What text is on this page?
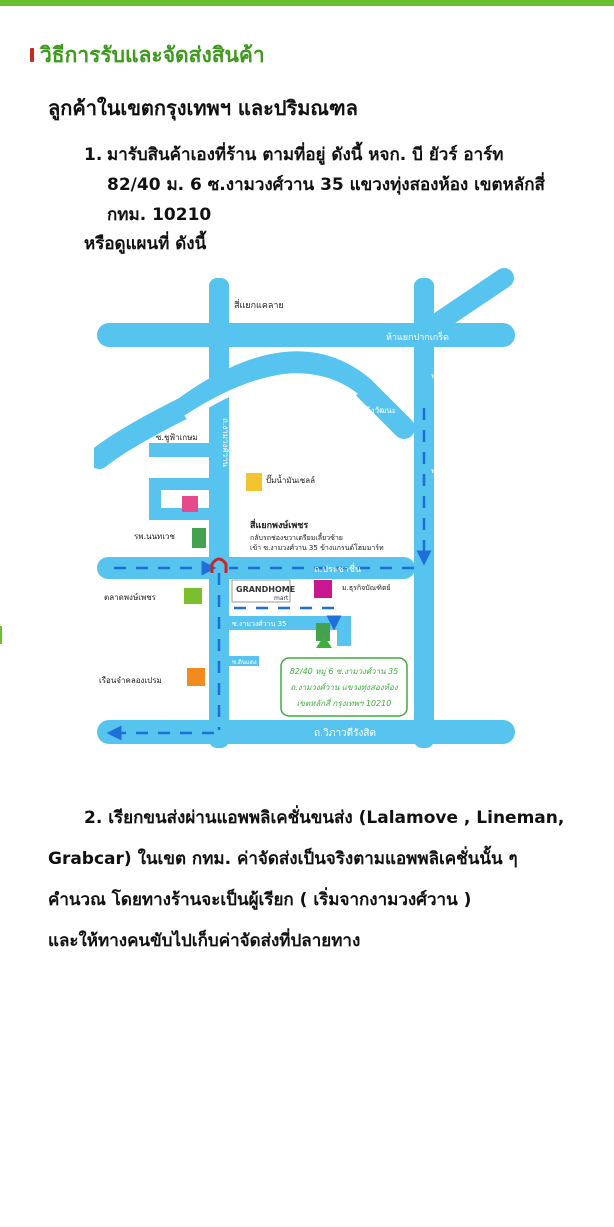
วิธีการรับและจัดส่งสินค้า
ลูกค้าในเขตกรุงเทพฯ และปริมณฑล
1. มารับสินค้าเองที่ร้าน ตามที่อยู่ ดังนี้ หจก. บี ยัวร์ อาร์ท
82/40 ม. 6 ซ.งามวงศ์วาน 35 แขวงทุ่งสองห้อง เขตหลักสี่
กทม. 10210
หรือดูแผนที่ ดังนี้
สี่แยกแคลาย
ห้าแยกปากเกร็ด
ทางด่วนแจ้งวัฒนะ
ทางเข้าเมืองทองธานี
ทางเข้าเมืองทองธานี
ซ.ชูฟ้าเกษม
ปั๊มน้ำมันเชลล์
รพ.นนทเวช
สี่แยกพงษ์เพชร
กลับรถช่องขวาเตรียมเลี้ยวซ้าย
เข้า ซ.งามวงศ์วาน 35 ข้างแกรนด์โฮมมาร์ท
ถ.ประชาชื่น
ตลาดพงษ์เพชร
GRANDHOME
mart
ม.ธุรกิจบัณฑิตย์
ซ.งามวงศ์วาน 35
ซ.ดินแดง
เรือนจำคลองเปรม
82/40 หมู่ 6 ซ.งามวงศ์วาน 35
ถ.งามวงศ์วาน แขวงทุ่งสองห้อง
เขตหลักสี่ กรุงเทพฯ 10210
ถ.วิภาวดีรังสิต
ถ.งามวงศ์วาน
2. เรียกขนส่งผ่านแอพพลิเคชั่นขนส่ง (Lalamove , Lineman,
Grabcar) ในเขต กทม. ค่าจัดส่งเป็นจริงตามแอพพลิเคชั่นนั้น ๆ
คำนวณ โดยทางร้านจะเป็นผู้เรียก ( เริ่มจากงามวงศ์วาน )
และให้ทางคนขับไปเก็บค่าจัดส่งที่ปลายทาง
